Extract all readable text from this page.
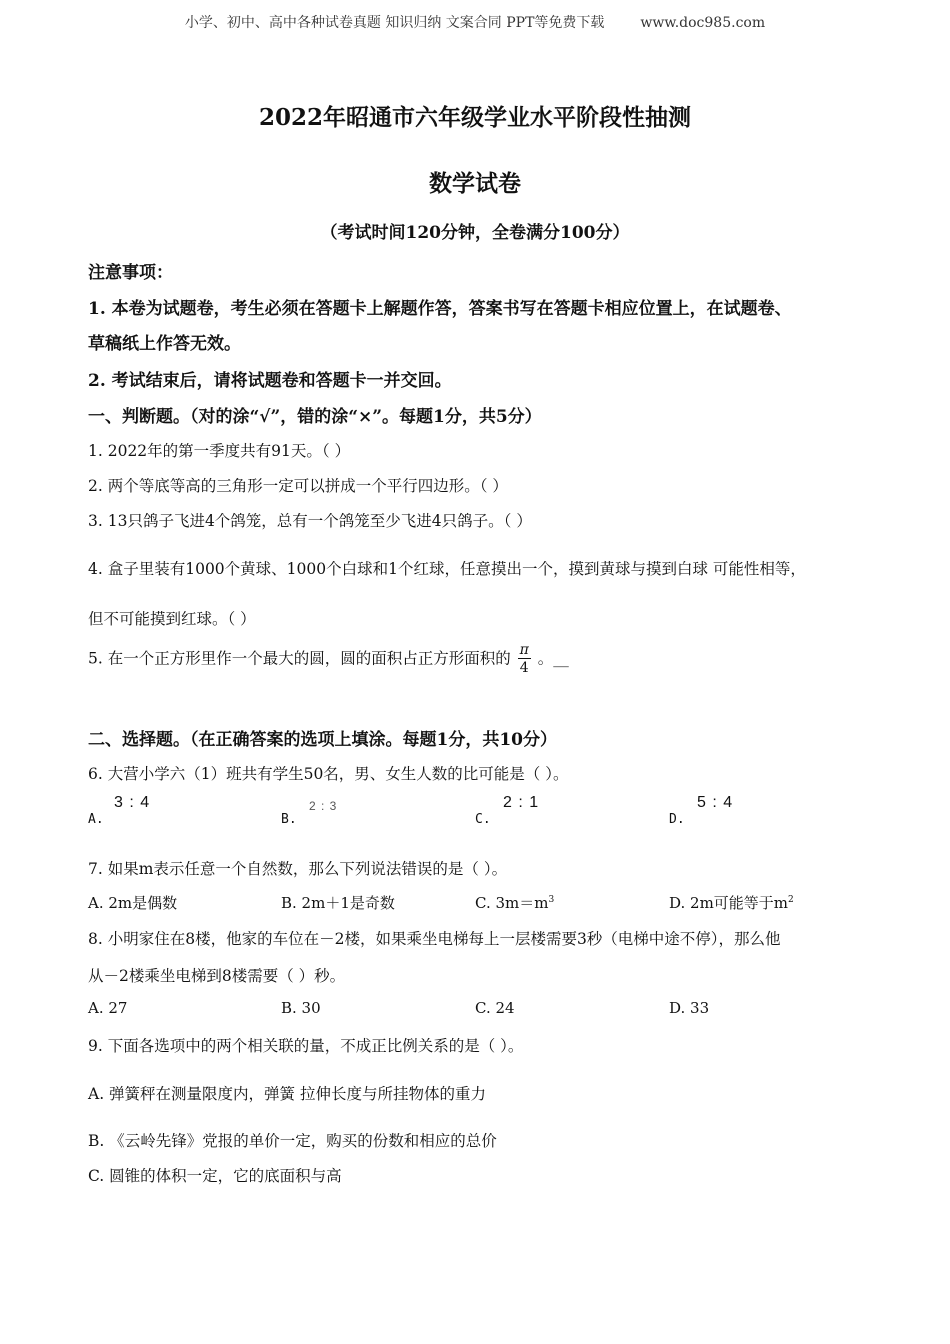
小学、初中、高中各种试卷真题 知识归纳 文案合同 PPT等免费下载	www.doc985.com
2022年昭通市六年级学业水平阶段性抽测
数学试卷
（考试时间120分钟，全卷满分100分）
注意事项：
1. 本卷为试题卷，考生必须在答题卡上解题作答，答案书写在答题卡相应位置上，在试题卷、
草稿纸上作答无效。
2. 考试结束后，请将试题卷和答题卡一并交回。
一、判断题。（对的涂“√”，错的涂“×”。每题1分，共5分）
1. 2022年的第一季度共有91天。（ ）
2. 两个等底等高的三角形一定可以拼成一个平行四边形。（ ）
3. 13只鸽子飞进4个鸽笼，总有一个鸽笼至少飞进4只鸽子。（ ）
4. 盒子里装有1000个黄球、1000个白球和1个红球，任意摸出一个，摸到黄球与摸到白球 可能性相等，
但不可能摸到红球。（ ）
5. 在一个正方形里作一个最大的圆，圆的面积占正方形面积的 $\frac{\pi}{4}$ 。__
二、选择题。（在正确答案的选项上填涂。每题1分，共10分）
6. 大营小学六（1）班共有学生50名，男、女生人数的比可能是（ ）。
A.
3 : 4
B.
2 : 3
C.
2 : 1
D.
5 : 4
7. 如果m表示任意一个自然数，那么下列说法错误的是（ ）。
A. 2m是偶数	B. 2m＋1是奇数	C. $3m=m^3$	D. 2m可能等于$m^2$
8. 小明家住在8楼，他家的车位在－2楼，如果乘坐电梯每上一层楼需要3秒（电梯中途不停），那么他
从－2楼乘坐电梯到8楼需要（ ）秒。
A. 27	B. 30	C. 24	D. 33
9. 下面各选项中的两个相关联的量，不成正比例关系的是（ ）。
A. 弹簧秤在测量限度内，弹簧 拉伸长度与所挂物体的重力
B. 《云岭先锋》党报的单价一定，购买的份数和相应的总价
C. 圆锥的体积一定，它的底面积与高
